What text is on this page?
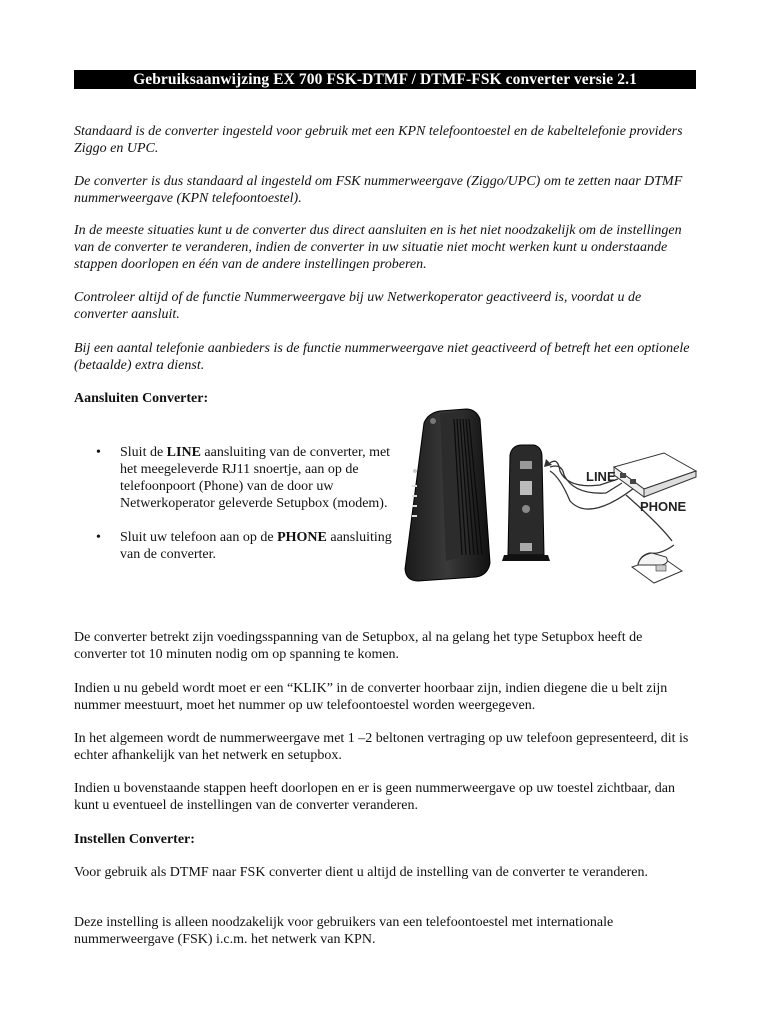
Gebruiksaanwijzing EX 700 FSK-DTMF / DTMF-FSK converter versie 2.1

Standaard is de converter ingesteld voor gebruik met een KPN telefoontoestel en de kabeltelefonie providers Ziggo en UPC.

De converter is dus standaard al ingesteld om FSK nummerweergave (Ziggo/UPC) om te zetten naar DTMF nummerweergave (KPN telefoontoestel).

In de meeste situaties kunt u de converter dus direct aansluiten en is het niet noodzakelijk om de instellingen van de converter te veranderen, indien de converter in uw situatie niet mocht werken kunt u onderstaande stappen doorlopen en één van de andere instellingen proberen.

Controleer altijd of de functie Nummerweergave bij uw Netwerkoperator geactiveerd is, voordat u de converter aansluit.

Bij een aantal telefonie aanbieders is de functie nummerweergave niet geactiveerd of betreft het een optionele (betaalde) extra dienst.

Aansluiten Converter:

• Sluit de LINE aansluiting van de converter, met het meegeleverde RJ11 snoertje, aan op de telefoonpoort (Phone) van de door uw Netwerkoperator geleverde Setupbox (modem).
• Sluit uw telefoon aan op de PHONE aansluiting van de converter.
LINE
PHONE

De converter betrekt zijn voedingsspanning van de Setupbox, al na gelang het type Setupbox heeft de converter tot 10 minuten nodig om op spanning te komen.

Indien u nu gebeld wordt moet er een “KLIK” in de converter hoorbaar zijn, indien diegene die u belt zijn nummer meestuurt, moet het nummer op uw telefoontoestel worden weergegeven.

In het algemeen wordt de nummerweergave met 1 –2 beltonen vertraging op uw telefoon gepresenteerd, dit is echter afhankelijk van het netwerk en setupbox.

Indien u bovenstaande stappen heeft doorlopen en er is geen nummerweergave op uw toestel zichtbaar, dan kunt u eventueel de instellingen van de converter veranderen.

Instellen Converter:

Voor gebruik als DTMF naar FSK converter dient u altijd de instelling van de converter te veranderen.

Deze instelling is alleen noodzakelijk voor gebruikers van een telefoontoestel met internationale nummerweergave (FSK) i.c.m. het netwerk van KPN.
